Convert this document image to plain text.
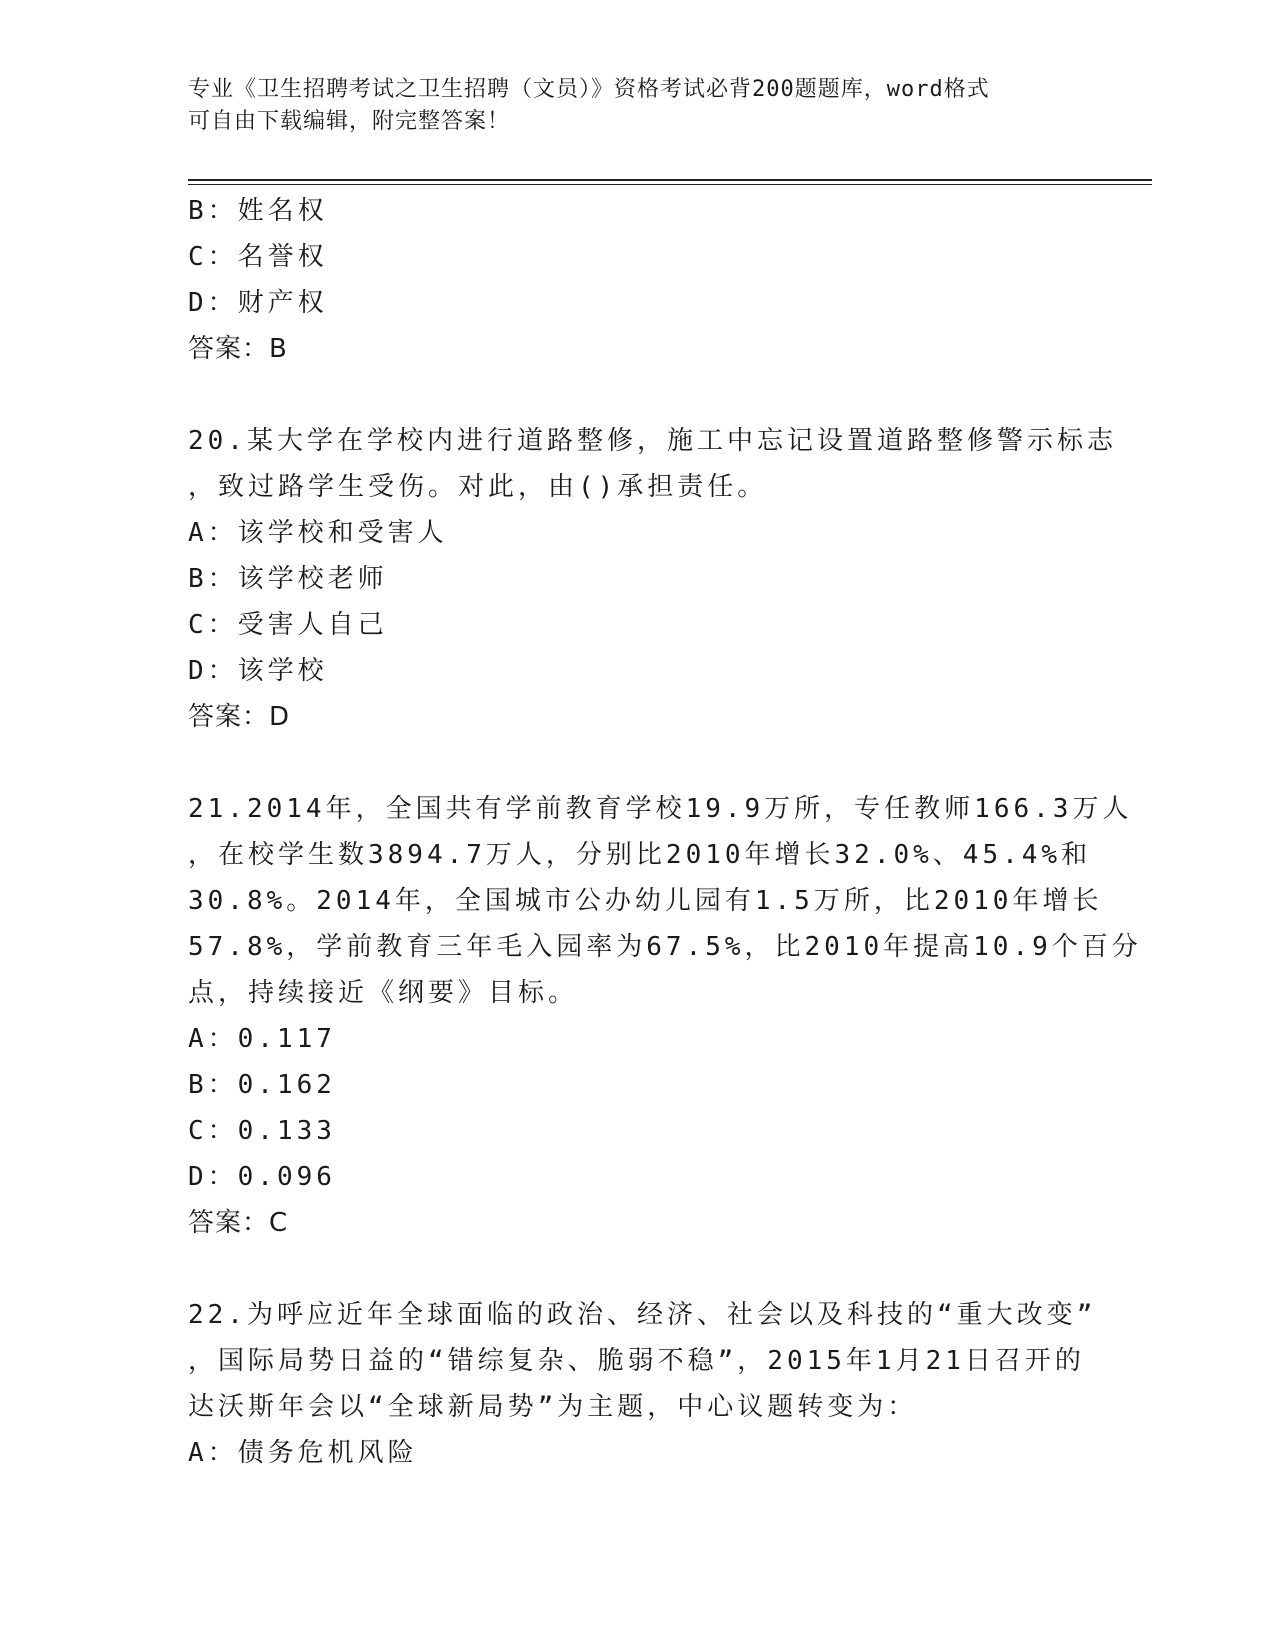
专业《卫生招聘考试之卫生招聘（文员）》资格考试必背200题题库，word格式
可自由下载编辑，附完整答案！
B：姓名权
C：名誉权
D：财产权
答案：B
20.某大学在学校内进行道路整修，施工中忘记设置道路整修警示标志
，致过路学生受伤。对此，由()承担责任。
A：该学校和受害人
B：该学校老师
C：受害人自己
D：该学校
答案：D
21.2014年，全国共有学前教育学校19.9万所，专任教师166.3万人
，在校学生数3894.7万人，分别比2010年增长32.0%、45.4%和
30.8%。2014年，全国城市公办幼儿园有1.5万所，比2010年增长
57.8%，学前教育三年毛入园率为67.5%，比2010年提高10.9个百分
点，持续接近《纲要》目标。
A：0.117
B：0.162
C：0.133
D：0.096
答案：C
22.为呼应近年全球面临的政治、经济、社会以及科技的“重大改变”
，国际局势日益的“错综复杂、脆弱不稳”，2015年1月21日召开的
达沃斯年会以“全球新局势”为主题，中心议题转变为：
A：债务危机风险
